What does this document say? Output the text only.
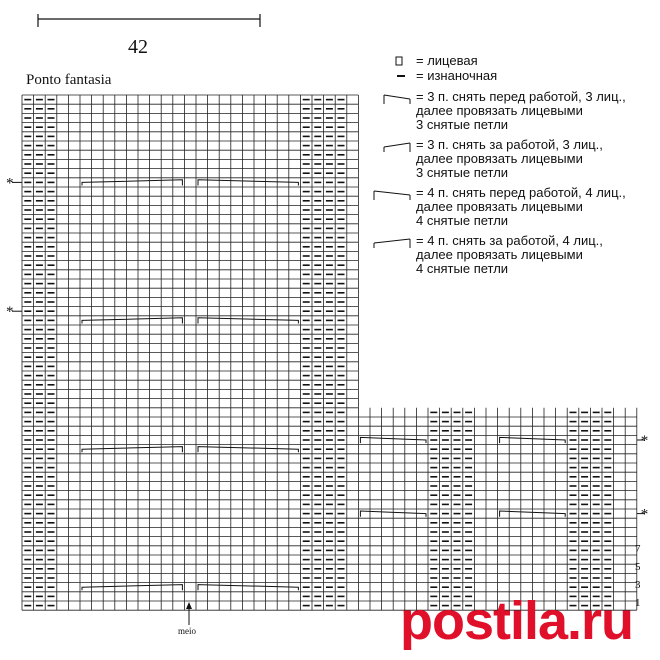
*
*
*
*
42
Ponto fantasia
= лицевая
= изнаночная
= 3 п. снять перед работой, 3 лиц.,
далее провязать лицевыми
3 снятые петли
= 3 п. снять за работой, 3 лиц.,
далее провязать лицевыми
3 снятые петли
= 4 п. снять перед работой, 4 лиц.,
далее провязать лицевыми
4 снятые петли
= 4 п. снять за работой, 4 лиц.,
далее провязать лицевыми
4 снятые петли
7
5
3
1
meio	postila.ru
